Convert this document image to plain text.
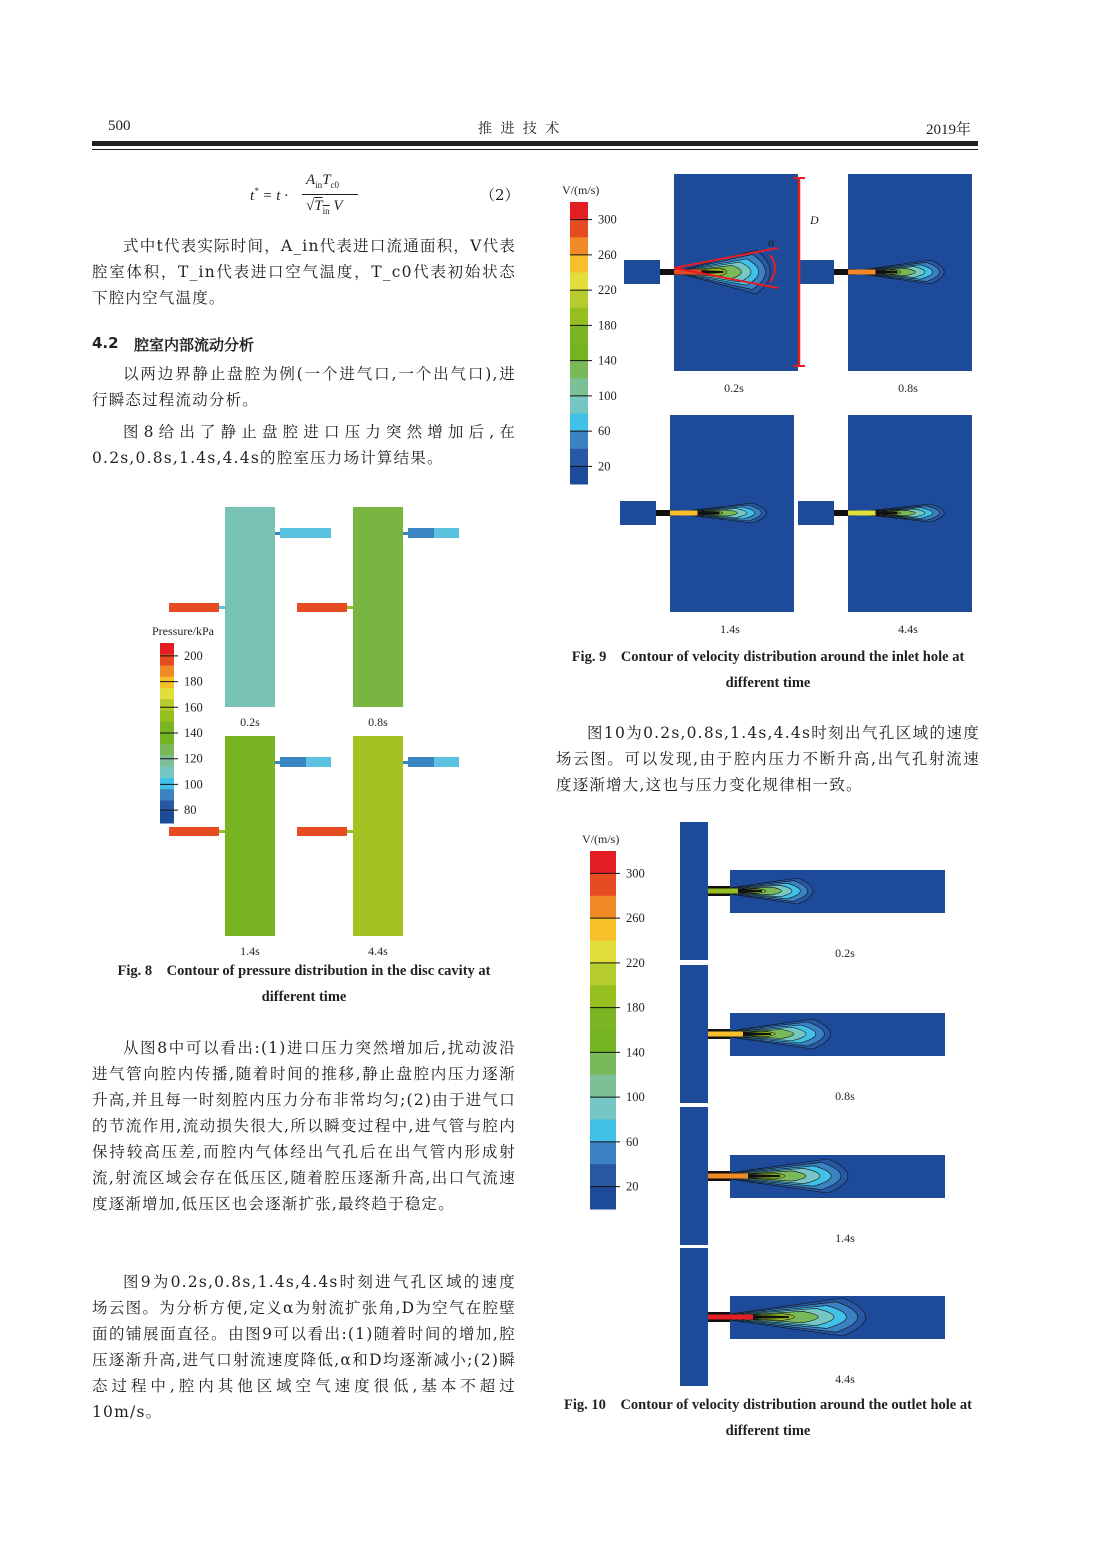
500	推 进 技 术	2019年
t* = t ·
$A_{in}T_{c0}$
$√T_{in}$ V
（2）

式中t代表实际时间，A_in代表进口流通面积，V代表腔室体积，T_in代表进口空气温度，T_c0代表初始状态下腔内空气温度。

4.2 腔室内部流动分析

以两边界静止盘腔为例(一个进气口,一个出气口),进行瞬态过程流动分析。

图8给出了静止盘腔进口压力突然增加后,在0.2s,0.8s,1.4s,4.4s的腔室压力场计算结果。

0.2s	0.8s
1.4s	4.4s
Pressure/kPa
200
180
160
140
120
100
80
Fig. 8 Contour of pressure distribution in the disc cavity at different time

从图8中可以看出:(1)进口压力突然增加后,扰动波沿进气管向腔内传播,随着时间的推移,静止盘腔内压力逐渐升高,并且每一时刻腔内压力分布非常均匀;(2)由于进气口的节流作用,流动损失很大,所以瞬变过程中,进气管与腔内保持较高压差,而腔内气体经出气孔后在出气管内形成射流,射流区域会存在低压区,随着腔压逐渐升高,出口气流速度逐渐增加,低压区也会逐渐扩张,最终趋于稳定。

图9为0.2s,0.8s,1.4s,4.4s时刻进气孔区域的速度场云图。为分析方便,定义α为射流扩张角,D为空气在腔壁面的铺展面直径。由图9可以看出:(1)随着时间的增加,腔压逐渐升高,进气口射流速度降低,α和D均逐渐减小;(2)瞬态过程中,腔内其他区域空气速度很低,基本不超过10m/s。

V/(m/s)
300
260
220
180
140
100
60
20
0.2s	0.8s
1.4s	4.4s
α
D
Fig. 9 Contour of velocity distribution around the inlet hole at different time

图10为0.2s,0.8s,1.4s,4.4s时刻出气孔区域的速度场云图。可以发现,由于腔内压力不断升高,出气孔射流速度逐渐增大,这也与压力变化规律相一致。

V/(m/s)
300
260
220
180
140
100
60
20
0.2s
0.8s
1.4s
4.4s
Fig. 10 Contour of velocity distribution around the outlet hole at different time
